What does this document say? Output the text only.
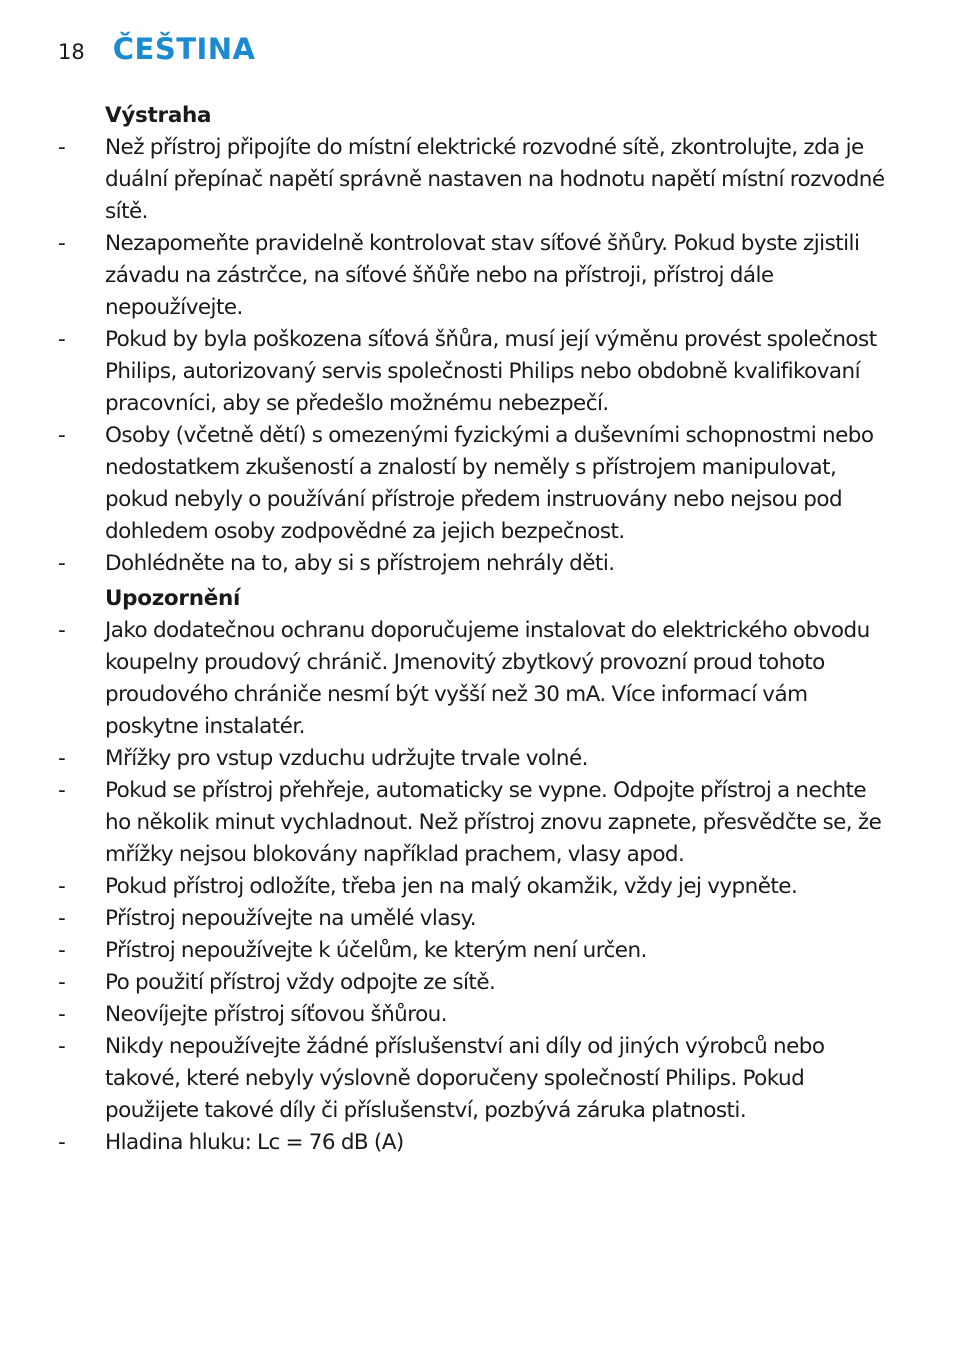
18 ČEŠTINA
Výstraha
- Než přístroj připojíte do místní elektrické rozvodné sítě, zkontrolujte, zda je duální přepínač napětí správně nastaven na hodnotu napětí místní rozvodné sítě.
- Nezapomeňte pravidelně kontrolovat stav síťové šňůry. Pokud byste zjistili závadu na zástrčce, na síťové šňůře nebo na přístroji, přístroj dále nepoužívejte.
- Pokud by byla poškozena síťová šňůra, musí její výměnu provést společnost Philips, autorizovaný servis společnosti Philips nebo obdobně kvalifikovaní pracovníci, aby se předešlo možnému nebezpečí.
- Osoby (včetně dětí) s omezenými fyzickými a duševními schopnostmi nebo nedostatkem zkušeností a znalostí by neměly s přístrojem manipulovat, pokud nebyly o používání přístroje předem instruovány nebo nejsou pod dohledem osoby zodpovědné za jejich bezpečnost.
- Dohlédněte na to, aby si s přístrojem nehrály děti.
Upozornění
- Jako dodatečnou ochranu doporučujeme instalovat do elektrického obvodu koupelny proudový chránič. Jmenovitý zbytkový provozní proud tohoto proudového chrániče nesmí být vyšší než 30 mA. Více informací vám poskytne instalatér.
- Mřížky pro vstup vzduchu udržujte trvale volné.
- Pokud se přístroj přehřeje, automaticky se vypne. Odpojte přístroj a nechte ho několik minut vychladnout. Než přístroj znovu zapnete, přesvědčte se, že mřížky nejsou blokovány například prachem, vlasy apod.
- Pokud přístroj odložíte, třeba jen na malý okamžik, vždy jej vypněte.
- Přístroj nepoužívejte na umělé vlasy.
- Přístroj nepoužívejte k účelům, ke kterým není určen.
- Po použití přístroj vždy odpojte ze sítě.
- Neovíjejte přístroj síťovou šňůrou.
- Nikdy nepoužívejte žádné příslušenství ani díly od jiných výrobců nebo takové, které nebyly výslovně doporučeny společností Philips. Pokud použijete takové díly či příslušenství, pozbývá záruka platnosti.
- Hladina hluku: Lc = 76 dB (A)
